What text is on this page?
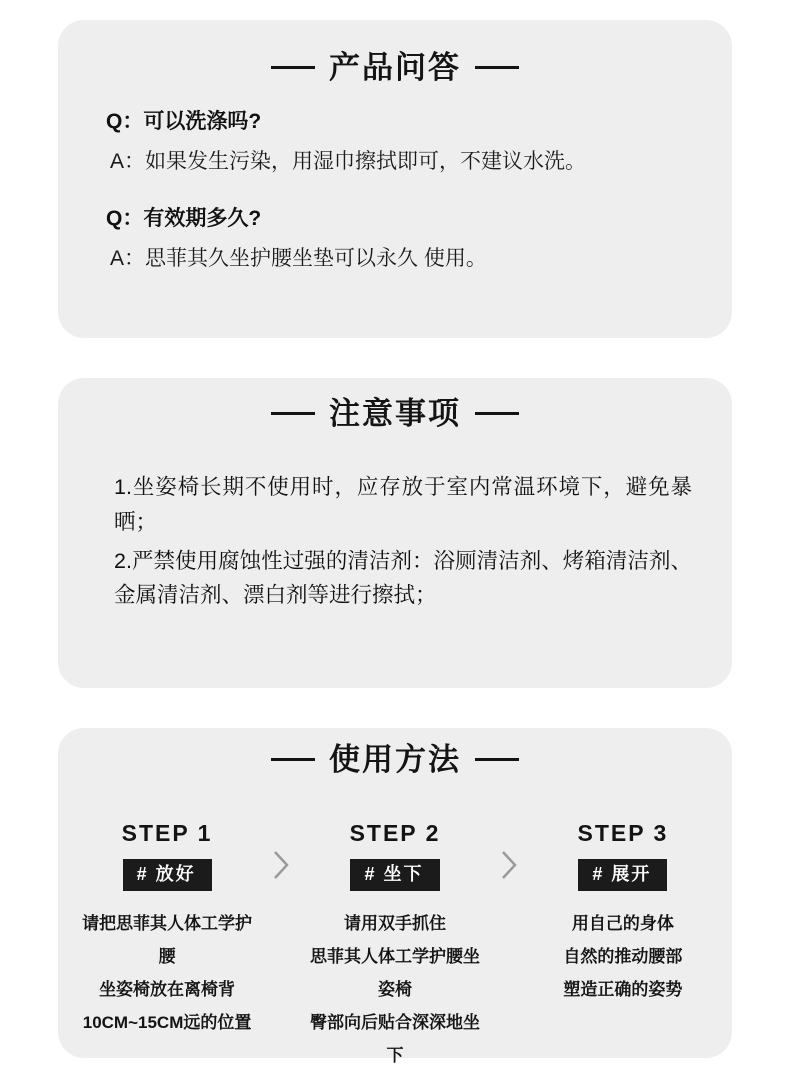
产品问答

Q：可以洗涤吗?

A：如果发生污染，用湿巾擦拭即可，不建议水洗。

Q：有效期多久?

A：思菲其久坐护腰坐垫可以永久 使用。

注意事项

1.坐姿椅长期不使用时，应存放于室内常温环境下，避免暴晒；

2.严禁使用腐蚀性过强的清洁剂：浴厕清洁剂、烤箱清洁剂、金属清洁剂、漂白剂等进行擦拭；

使用方法
STEP 1
# 放好
请把思菲其人体工学护腰
坐姿椅放在离椅背
10CM~15CM远的位置
STEP 2
# 坐下
请用双手抓住
思菲其人体工学护腰坐姿椅
臀部向后贴合深深地坐下
STEP 3
# 展开
用自己的身体
自然的推动腰部
塑造正确的姿势
